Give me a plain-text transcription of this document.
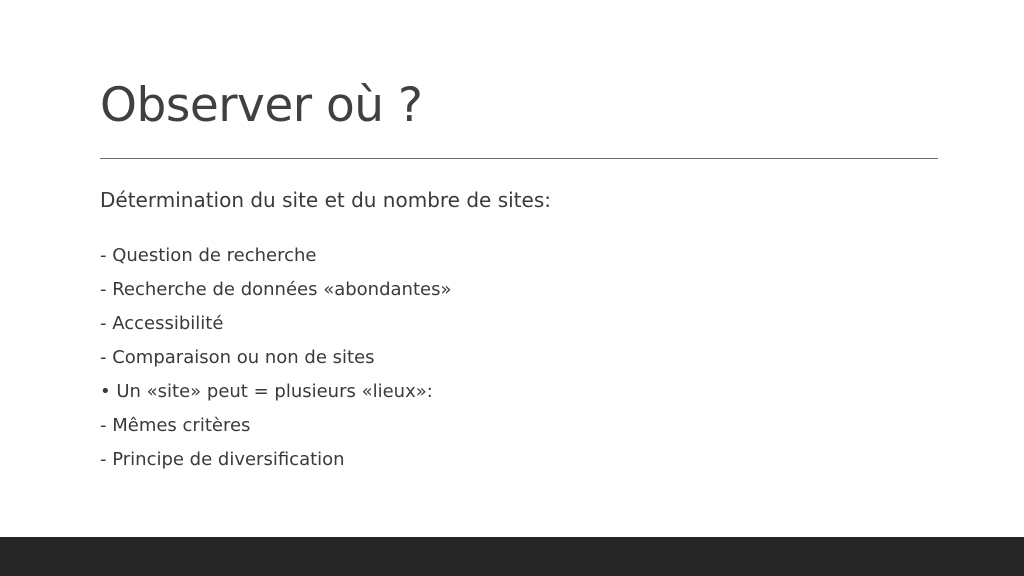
Observer où ?

Détermination du site et du nombre de sites:

- Question de recherche
- Recherche de données «abondantes»
- Accessibilité
- Comparaison ou non de sites
• Un «site» peut = plusieurs «lieux»:
- Mêmes critères
- Principe de diversification
